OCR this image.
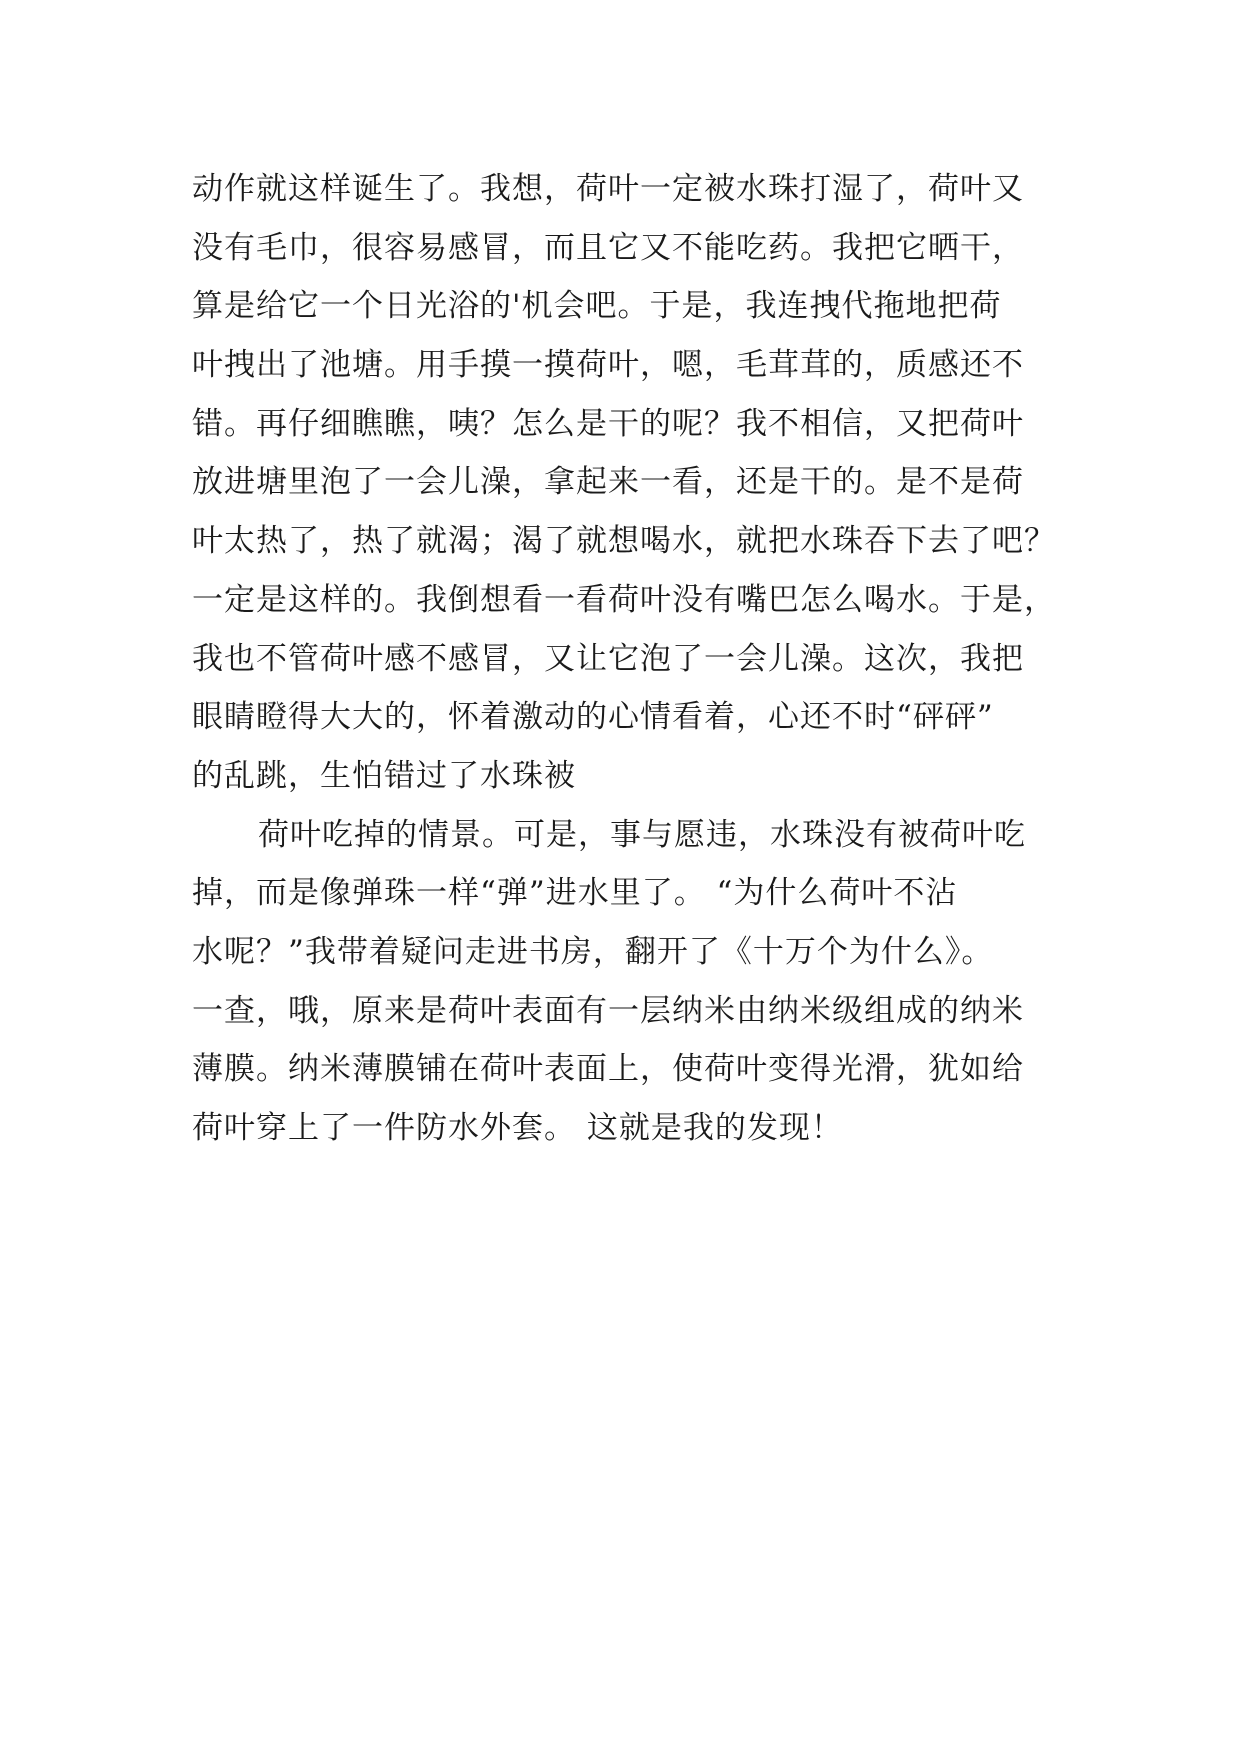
动作就这样诞生了。我想，荷叶一定被水珠打湿了，荷叶又
没有毛巾，很容易感冒，而且它又不能吃药。我把它晒干，
算是给它一个日光浴的'机会吧。于是，我连拽代拖地把荷
叶拽出了池塘。用手摸一摸荷叶，嗯，毛茸茸的，质感还不
错。再仔细瞧瞧，咦？怎么是干的呢？我不相信，又把荷叶
放进塘里泡了一会儿澡，拿起来一看，还是干的。是不是荷
叶太热了，热了就渴；渴了就想喝水，就把水珠吞下去了吧？
一定是这样的。我倒想看一看荷叶没有嘴巴怎么喝水。于是，
我也不管荷叶感不感冒，又让它泡了一会儿澡。这次，我把
眼睛瞪得大大的，怀着激动的心情看着，心还不时“砰砰”
的乱跳，生怕错过了水珠被
荷叶吃掉的情景。可是，事与愿违，水珠没有被荷叶吃
掉，而是像弹珠一样“弹”进水里了。 “为什么荷叶不沾
水呢？”我带着疑问走进书房，翻开了《十万个为什么》。
一查，哦，原来是荷叶表面有一层纳米由纳米级组成的纳米
薄膜。纳米薄膜铺在荷叶表面上，使荷叶变得光滑，犹如给
荷叶穿上了一件防水外套。 这就是我的发现！
